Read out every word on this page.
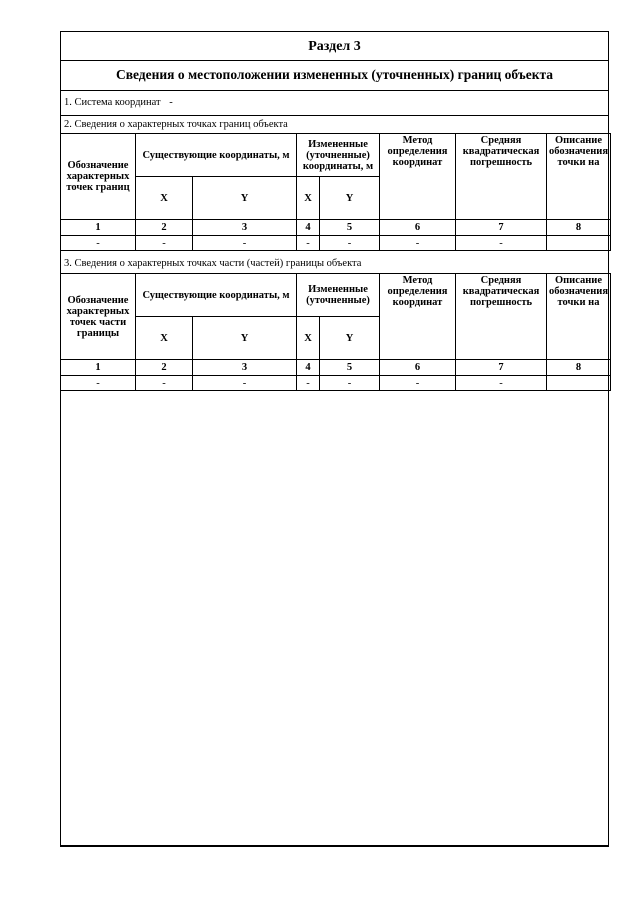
Раздел 3
Сведения о местоположении измененных (уточненных) границ объекта
1. Система координат -
2. Сведения о характерных точках границ объекта
Обозначение характерных точек границ	Существующие координаты, м		Измененные (уточненные) координаты, м		Метод определения координат	Средняя квадратическая погрешность	Описание обозначения точки на
	X	Y	X	Y			
1	2	3	4	5	6	7	8
-	-	-	-	-	-	-	
3. Сведения о характерных точках части (частей) границы объекта
Обозначение характерных точек части границы	Существующие координаты, м		Измененные (уточненные)		Метод определения координат	Средняя квадратическая погрешность	Описание обозначения точки на
	X	Y	X	Y			
1	2	3	4	5	6	7	8
-	-	-	-	-	-	-	
